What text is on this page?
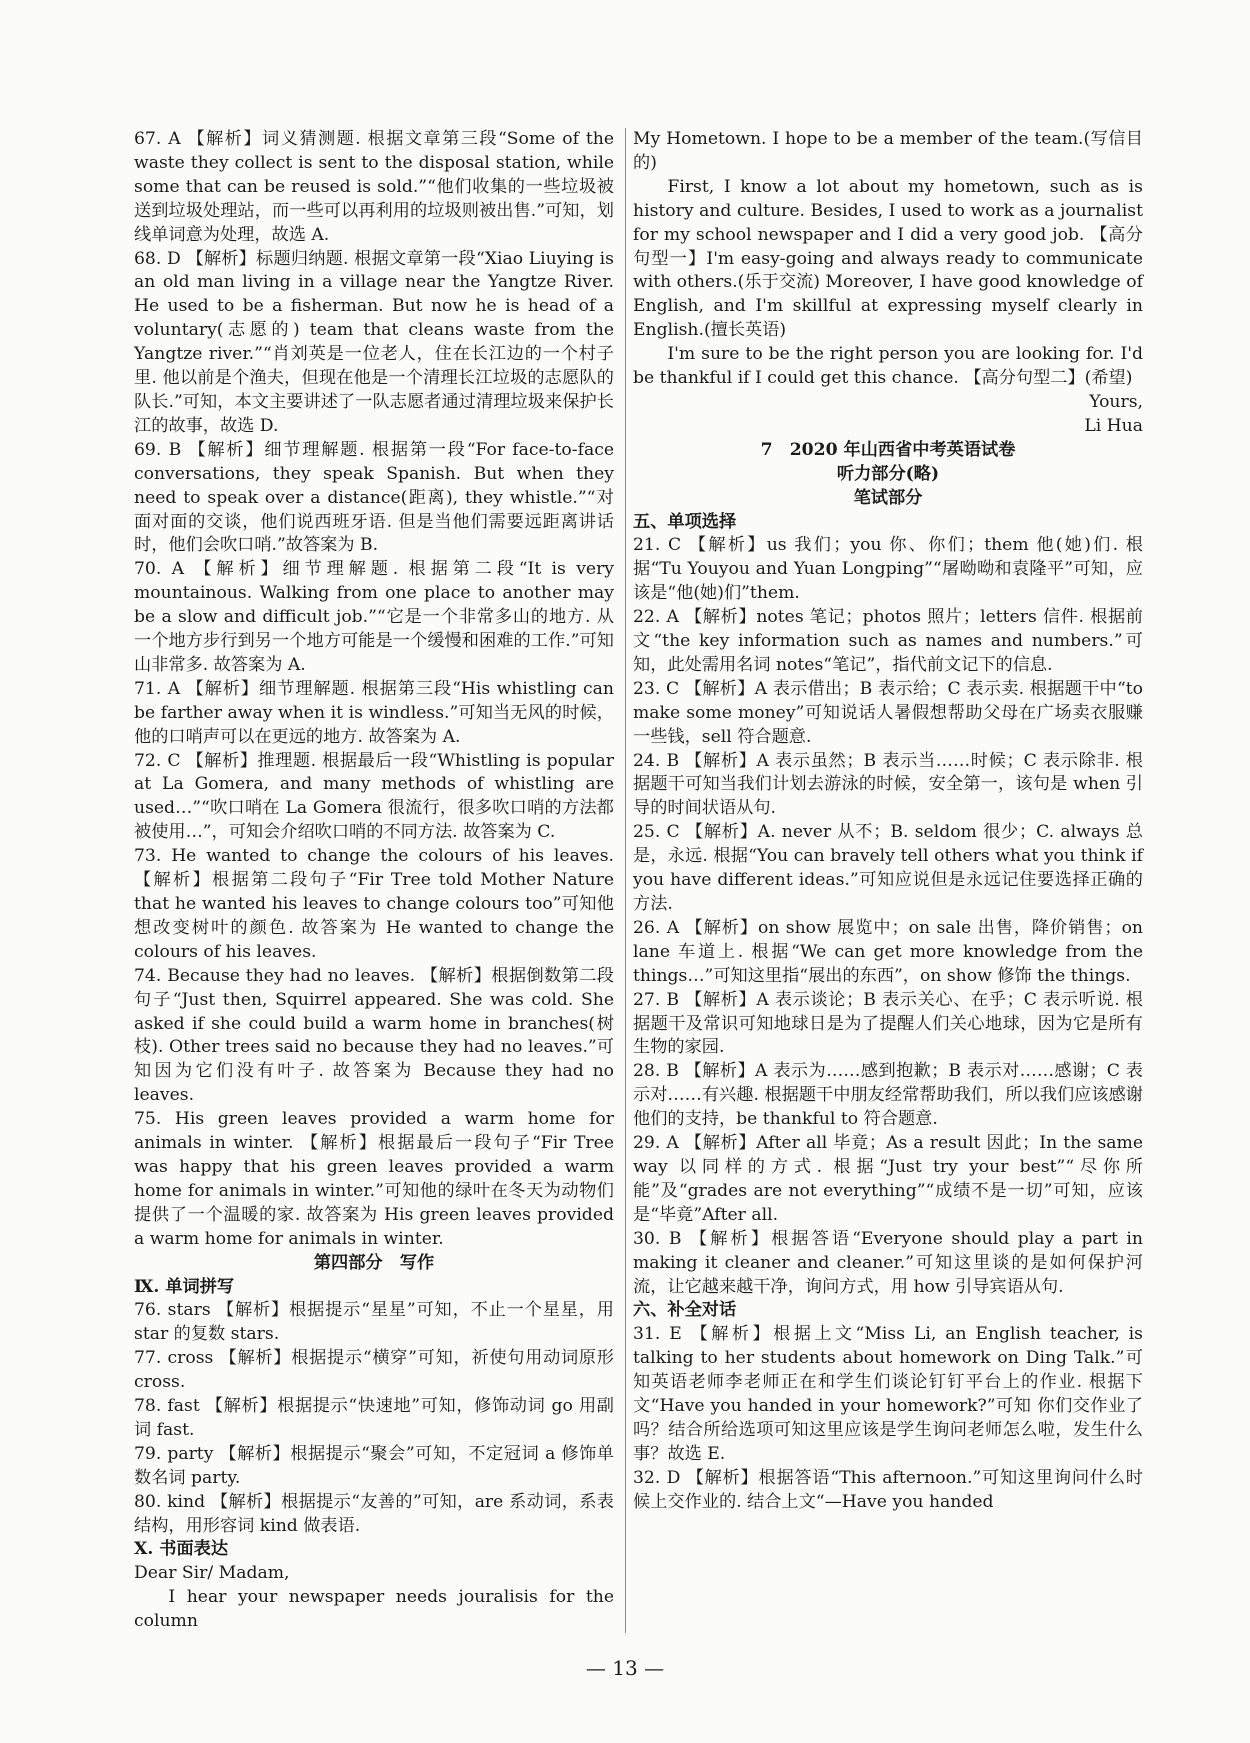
67. A 【解析】词义猜测题. 根据文章第三段“Some of the waste they collect is sent to the disposal station, while some that can be reused is sold.”“他们收集的一些垃圾被送到垃圾处理站，而一些可以再利用的垃圾则被出售.”可知，划线单词意为处理，故选 A.

68. D 【解析】标题归纳题. 根据文章第一段“Xiao Liuying is an old man living in a village near the Yangtze River. He used to be a fisherman. But now he is head of a voluntary(志愿的) team that cleans waste from the Yangtze river.”“肖刘英是一位老人，住在长江边的一个村子里. 他以前是个渔夫，但现在他是一个清理长江垃圾的志愿队的队长.”可知，本文主要讲述了一队志愿者通过清理垃圾来保护长江的故事，故选 D.

69. B 【解析】细节理解题. 根据第一段“For face-to-face conversations, they speak Spanish. But when they need to speak over a distance(距离), they whistle.”“对面对面的交谈，他们说西班牙语. 但是当他们需要远距离讲话时，他们会吹口哨.”故答案为 B.

70. A 【解析】细节理解题. 根据第二段“It is very mountainous. Walking from one place to another may be a slow and difficult job.”“它是一个非常多山的地方. 从一个地方步行到另一个地方可能是一个缓慢和困难的工作.”可知山非常多. 故答案为 A.

71. A 【解析】细节理解题. 根据第三段“His whistling can be farther away when it is windless.”可知当无风的时候，他的口哨声可以在更远的地方. 故答案为 A.

72. C 【解析】推理题. 根据最后一段“Whistling is popular at La Gomera, and many methods of whistling are used…”“吹口哨在 La Gomera 很流行，很多吹口哨的方法都被使用…”，可知会介绍吹口哨的不同方法. 故答案为 C.

73. He wanted to change the colours of his leaves. 【解析】根据第二段句子“Fir Tree told Mother Nature that he wanted his leaves to change colours too”可知他想改变树叶的颜色. 故答案为 He wanted to change the colours of his leaves.

74. Because they had no leaves. 【解析】根据倒数第二段句子“Just then, Squirrel appeared. She was cold. She asked if she could build a warm home in branches(树枝). Other trees said no because they had no leaves.”可知因为它们没有叶子. 故答案为 Because they had no leaves.

75. His green leaves provided a warm home for animals in winter. 【解析】根据最后一段句子“Fir Tree was happy that his green leaves provided a warm home for animals in winter.”可知他的绿叶在冬天为动物们提供了一个温暖的家. 故答案为 His green leaves provided a warm home for animals in winter.

第四部分　写作

Ⅸ. 单词拼写

76. stars 【解析】根据提示“星星”可知，不止一个星星，用 star 的复数 stars.

77. cross 【解析】根据提示“横穿”可知，祈使句用动词原形 cross.

78. fast 【解析】根据提示“快速地”可知，修饰动词 go 用副词 fast.

79. party 【解析】根据提示“聚会”可知，不定冠词 a 修饰单数名词 party.

80. kind 【解析】根据提示“友善的”可知，are 系动词，系表结构，用形容词 kind 做表语.

Ⅹ. 书面表达

Dear Sir/ Madam,

I hear your newspaper needs jouralisis for the column

My Hometown. I hope to be a member of the team.(写信目的)

First, I know a lot about my hometown, such as is history and culture. Besides, I used to work as a journalist for my school newspaper and I did a very good job. 【高分句型一】I'm easy-going and always ready to communicate with others.(乐于交流) Moreover, I have good knowledge of English, and I'm skillful at expressing myself clearly in English.(擅长英语)

I'm sure to be the right person you are looking for. I'd be thankful if I could get this chance. 【高分句型二】(希望)

Yours,

Li Hua

7　2020 年山西省中考英语试卷

听力部分(略)

笔试部分

五、单项选择

21. C 【解析】us 我们；you 你、你们；them 他(她)们. 根据“Tu Youyou and Yuan Longping”“屠呦呦和袁隆平”可知，应该是“他(她)们”them.

22. A 【解析】notes 笔记；photos 照片；letters 信件. 根据前文“the key information such as names and numbers.”可知，此处需用名词 notes“笔记”，指代前文记下的信息.

23. C 【解析】A 表示借出；B 表示给；C 表示卖. 根据题干中“to make some money”可知说话人暑假想帮助父母在广场卖衣服赚一些钱，sell 符合题意.

24. B 【解析】A 表示虽然；B 表示当……时候；C 表示除非. 根据题干可知当我们计划去游泳的时候，安全第一，该句是 when 引导的时间状语从句.

25. C 【解析】A. never 从不；B. seldom 很少；C. always 总是，永远. 根据“You can bravely tell others what you think if you have different ideas.”可知应说但是永远记住要选择正确的方法.

26. A 【解析】on show 展览中；on sale 出售，降价销售；on lane 车道上. 根据“We can get more knowledge from the things…”可知这里指“展出的东西”，on show 修饰 the things.

27. B 【解析】A 表示谈论；B 表示关心、在乎；C 表示听说. 根据题干及常识可知地球日是为了提醒人们关心地球，因为它是所有生物的家园.

28. B 【解析】A 表示为……感到抱歉；B 表示对……感谢；C 表示对……有兴趣. 根据题干中朋友经常帮助我们，所以我们应该感谢他们的支持，be thankful to 符合题意.

29. A 【解析】After all 毕竟；As a result 因此；In the same way 以同样的方式. 根据“Just try your best”“尽你所能”及“grades are not everything”“成绩不是一切”可知，应该是“毕竟”After all.

30. B 【解析】根据答语“Everyone should play a part in making it cleaner and cleaner.”可知这里谈的是如何保护河流，让它越来越干净，询问方式，用 how 引导宾语从句.

六、补全对话

31. E 【解析】根据上文“Miss Li, an English teacher, is talking to her students about homework on Ding Talk.”可知英语老师李老师正在和学生们谈论钉钉平台上的作业. 根据下文“Have you handed in your homework?”可知 你们交作业了吗？结合所给选项可知这里应该是学生询问老师怎么啦，发生什么事？故选 E.

32. D 【解析】根据答语“This afternoon.”可知这里询问什么时候上交作业的. 结合上文“—Have you handed

— 13 —
